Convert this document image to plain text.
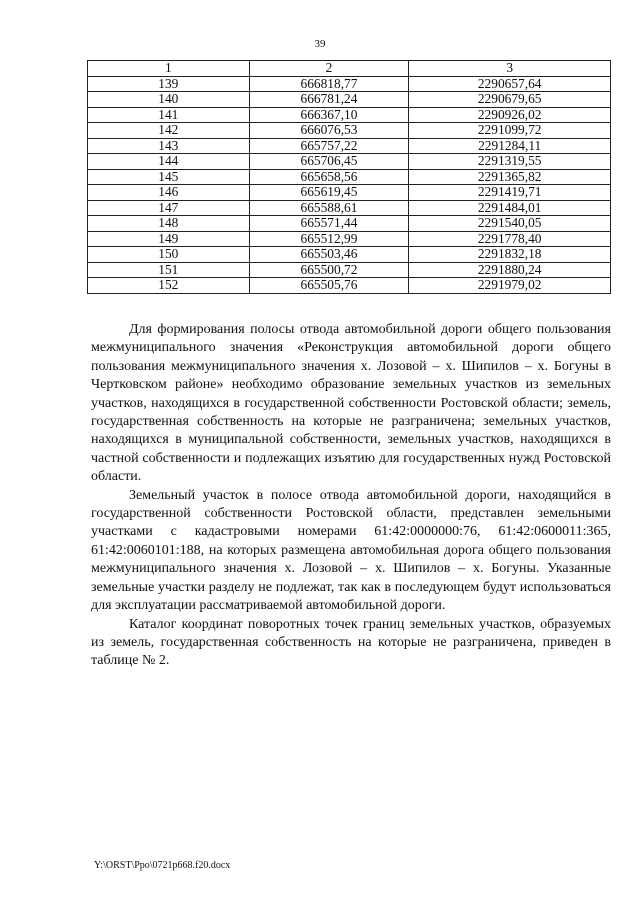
39
1	2	3
139	666818,77	2290657,64
140	666781,24	2290679,65
141	666367,10	2290926,02
142	666076,53	2291099,72
143	665757,22	2291284,11
144	665706,45	2291319,55
145	665658,56	2291365,82
146	665619,45	2291419,71
147	665588,61	2291484,01
148	665571,44	2291540,05
149	665512,99	2291778,40
150	665503,46	2291832,18
151	665500,72	2291880,24
152	665505,76	2291979,02

Для формирования полосы отвода автомобильной дороги общего пользования межмуниципального значения «Реконструкция автомобильной дороги общего пользования межмуниципального значения х. Лозовой – х. Шипилов – х. Богуны в Чертковском районе» необходимо образование земельных участков из земельных участков, находящихся в государственной собственности Ростовской области; земель, государственная собственность на которые не разграничена; земельных участков, находящихся в муниципальной собственности, земельных участков, находящихся в частной собственности и подлежащих изъятию для государственных нужд Ростовской области.

Земельный участок в полосе отвода автомобильной дороги, находящийся в государственной собственности Ростовской области, представлен земельными участками с кадастровыми номерами 61:42:0000000:76, 61:42:0600011:365, 61:42:0060101:188, на которых размещена автомобильная дорога общего пользования межмуниципального значения х. Лозовой – х. Шипилов – х. Богуны. Указанные земельные участки разделу не подлежат, так как в последующем будут использоваться для эксплуатации рассматриваемой автомобильной дороги.

Каталог координат поворотных точек границ земельных участков, образуемых из земель, государственная собственность на которые не разграничена, приведен в таблице № 2.

Y:\ORST\Ppo\0721p668.f20.docx
